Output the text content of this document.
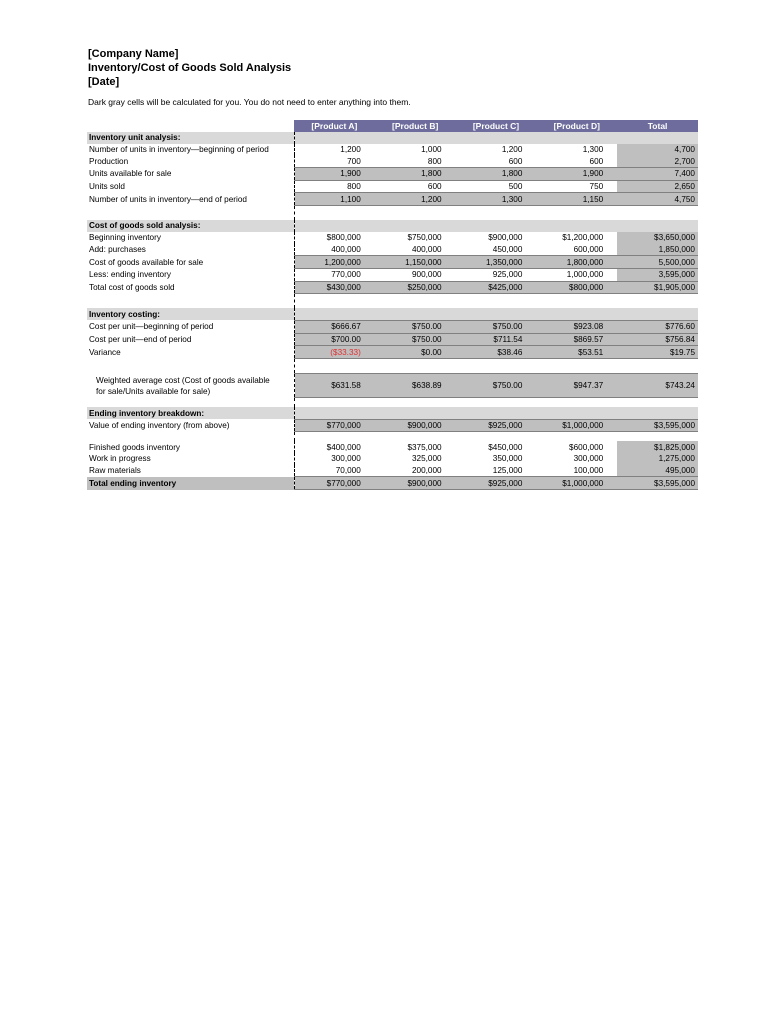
[Company Name]
Inventory/Cost of Goods Sold Analysis
[Date]
Dark gray cells will be calculated for you. You do not need to enter anything into them.
	[Product A]	[Product B]	[Product C]	[Product D]	Total
Inventory unit analysis:					
Number of units in inventory—beginning of period	1,200	1,000	1,200	1,300	4,700
Production	700	800	600	600	2,700
Units available for sale	1,900	1,800	1,800	1,900	7,400
Units sold	800	600	500	750	2,650
Number of units in inventory—end of period	1,100	1,200	1,300	1,150	4,750

Cost of goods sold analysis:					
Beginning inventory	$800,000	$750,000	$900,000	$1,200,000	$3,650,000
Add: purchases	400,000	400,000	450,000	600,000	1,850,000
Cost of goods available for sale	1,200,000	1,150,000	1,350,000	1,800,000	5,500,000
Less: ending inventory	770,000	900,000	925,000	1,000,000	3,595,000
Total cost of goods sold	$430,000	$250,000	$425,000	$800,000	$1,905,000

Inventory costing:					
Cost per unit—beginning of period	$666.67	$750.00	$750.00	$923.08	$776.60
Cost per unit—end of period	$700.00	$750.00	$711.54	$869.57	$756.84
Variance	($33.33)	$0.00	$38.46	$53.51	$19.75

Weighted average cost (Cost of goods available
for sale/Units available for sale)	$631.58	$638.89	$750.00	$947.37	$743.24

Ending inventory breakdown:					
Value of ending inventory (from above)	$770,000	$900,000	$925,000	$1,000,000	$3,595,000

Finished goods inventory	$400,000	$375,000	$450,000	$600,000	$1,825,000
Work in progress	300,000	325,000	350,000	300,000	1,275,000
Raw materials	70,000	200,000	125,000	100,000	495,000
Total ending inventory	$770,000	$900,000	$925,000	$1,000,000	$3,595,000
